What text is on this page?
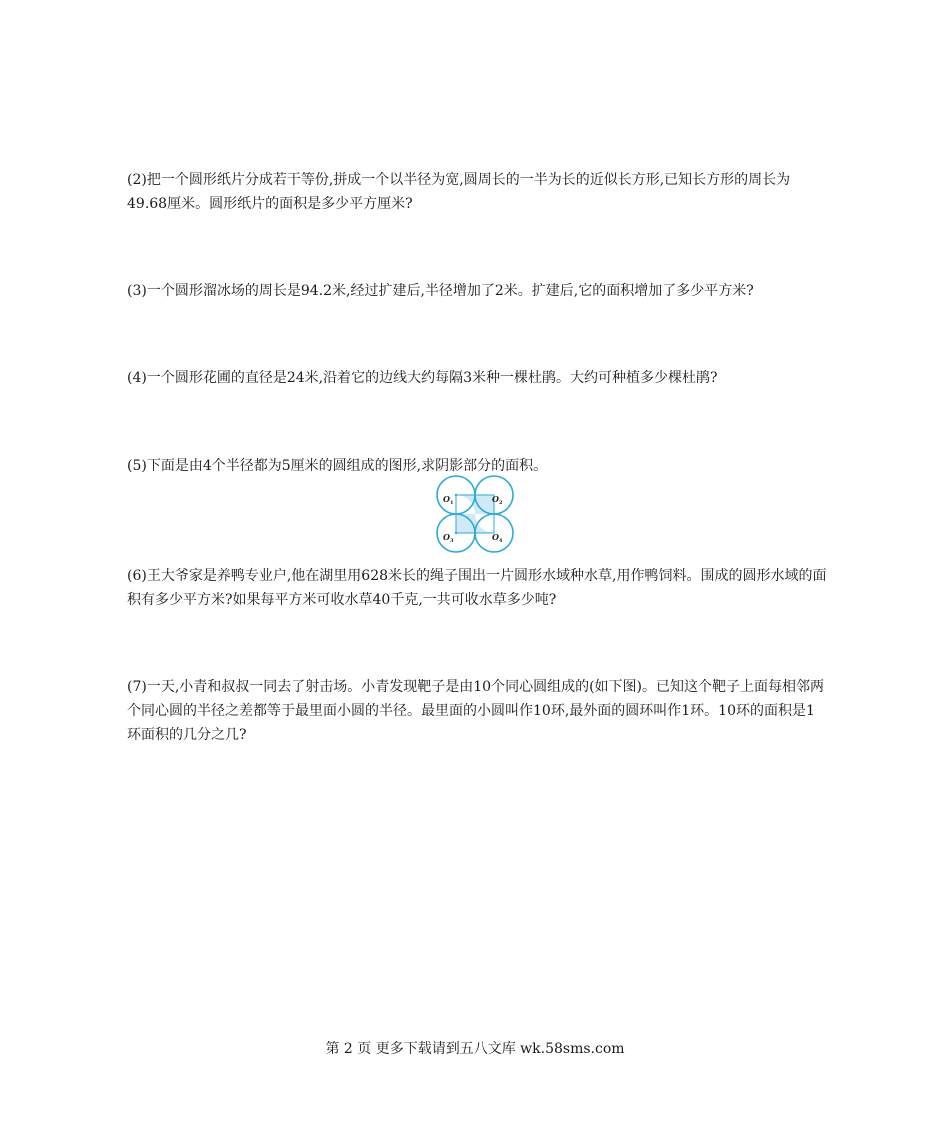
(2)把一个圆形纸片分成若干等份,拼成一个以半径为宽,圆周长的一半为长的近似长方形,已知长方形的周长为49.68厘米。圆形纸片的面积是多少平方厘米?

(3)一个圆形溜冰场的周长是94.2米,经过扩建后,半径增加了2米。扩建后,它的面积增加了多少平方米?

(4)一个圆形花圃的直径是24米,沿着它的边线大约每隔3米种一棵杜鹃。大约可种植多少棵杜鹃?

(5)下面是由4个半径都为5厘米的圆组成的图形,求阴影部分的面积。

$O_1$	$O_2$
$O_3$	$O_4$

(6)王大爷家是养鸭专业户,他在湖里用628米长的绳子围出一片圆形水域种水草,用作鸭饲料。围成的圆形水域的面积有多少平方米?如果每平方米可收水草40千克,一共可收水草多少吨?

(7)一天,小青和叔叔一同去了射击场。小青发现靶子是由10个同心圆组成的(如下图)。已知这个靶子上面每相邻两个同心圆的半径之差都等于最里面小圆的半径。最里面的小圆叫作10环,最外面的圆环叫作1环。10环的面积是1环面积的几分之几?

第 2 页 更多下载请到五八文库 wk.58sms.com
